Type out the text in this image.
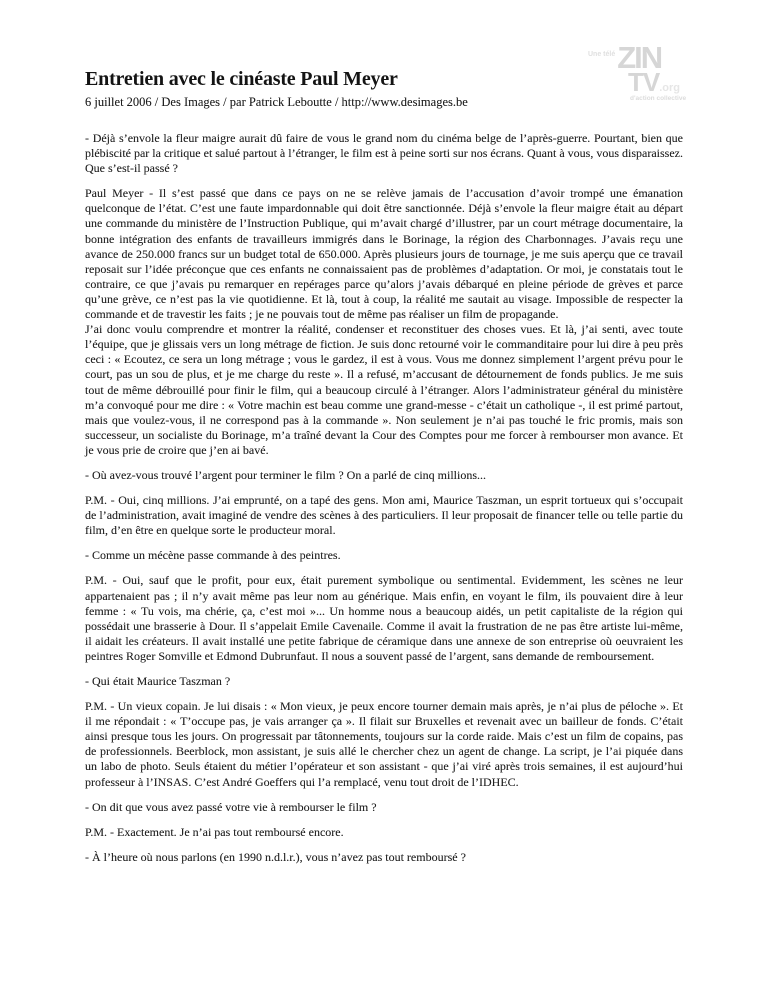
Une télé ZIN
TV .org
d'action collective
Entretien avec le cinéaste Paul Meyer

6 juillet 2006 / Des Images / par Patrick Leboutte / http://www.desimages.be

- Déjà s’envole la fleur maigre aurait dû faire de vous le grand nom du cinéma belge de l’après-guerre. Pourtant, bien que plébiscité par la critique et salué partout à l’étranger, le film est à peine sorti sur nos écrans. Quant à vous, vous disparaissez. Que s’est-il passé ?

Paul Meyer - Il s’est passé que dans ce pays on ne se relève jamais de l’accusation d’avoir trompé une émanation quelconque de l’état. C’est une faute impardonnable qui doit être sanctionnée. Déjà s’envole la fleur maigre était au départ une commande du ministère de l’Instruction Publique, qui m’avait chargé d’illustrer, par un court métrage documentaire, la bonne intégration des enfants de travailleurs immigrés dans le Borinage, la région des Charbonnages. J’avais reçu une avance de 250.000 francs sur un budget total de 650.000. Après plusieurs jours de tournage, je me suis aperçu que ce travail reposait sur l’idée préconçue que ces enfants ne connaissaient pas de problèmes d’adaptation. Or moi, je constatais tout le contraire, ce que j’avais pu remarquer en repérages parce qu’alors j’avais débarqué en pleine période de grèves et parce qu’une grève, ce n’est pas la vie quotidienne. Et là, tout à coup, la réalité me sautait au visage. Impossible de respecter la commande et de travestir les faits ; je ne pouvais tout de même pas réaliser un film de propagande.

J’ai donc voulu comprendre et montrer la réalité, condenser et reconstituer des choses vues. Et là, j’ai senti, avec toute l’équipe, que je glissais vers un long métrage de fiction. Je suis donc retourné voir le commanditaire pour lui dire à peu près ceci : « Ecoutez, ce sera un long métrage ; vous le gardez, il est à vous. Vous me donnez simplement l’argent prévu pour le court, pas un sou de plus, et je me charge du reste ». Il a refusé, m’accusant de détournement de fonds publics. Je me suis tout de même débrouillé pour finir le film, qui a beaucoup circulé à l’étranger. Alors l’administrateur général du ministère m’a convoqué pour me dire : « Votre machin est beau comme une grand-messe - c’était un catholique -, il est primé partout, mais que voulez-vous, il ne correspond pas à la commande ». Non seulement je n’ai pas touché le fric promis, mais son successeur, un socialiste du Borinage, m’a traîné devant la Cour des Comptes pour me forcer à rembourser mon avance. Et je vous prie de croire que j’en ai bavé.

- Où avez-vous trouvé l’argent pour terminer le film ? On a parlé de cinq millions...

P.M. - Oui, cinq millions. J’ai emprunté, on a tapé des gens. Mon ami, Maurice Taszman, un esprit tortueux qui s’occupait de l’administration, avait imaginé de vendre des scènes à des particuliers. Il leur proposait de financer telle ou telle partie du film, d’en être en quelque sorte le producteur moral.

- Comme un mécène passe commande à des peintres.

P.M. - Oui, sauf que le profit, pour eux, était purement symbolique ou sentimental. Evidemment, les scènes ne leur appartenaient pas ; il n’y avait même pas leur nom au générique. Mais enfin, en voyant le film, ils pouvaient dire à leur femme : « Tu vois, ma chérie, ça, c’est moi »... Un homme nous a beaucoup aidés, un petit capitaliste de la région qui possédait une brasserie à Dour. Il s’appelait Emile Cavenaile. Comme il avait la frustration de ne pas être artiste lui-même, il aidait les créateurs. Il avait installé une petite fabrique de céramique dans une annexe de son entreprise où oeuvraient les peintres Roger Somville et Edmond Dubrunfaut. Il nous a souvent passé de l’argent, sans demande de remboursement.

- Qui était Maurice Taszman ?

P.M. - Un vieux copain. Je lui disais : « Mon vieux, je peux encore tourner demain mais après, je n’ai plus de péloche ». Et il me répondait : « T’occupe pas, je vais arranger ça ». Il filait sur Bruxelles et revenait avec un bailleur de fonds. C’était ainsi presque tous les jours. On progressait par tâtonnements, toujours sur la corde raide. Mais c’est un film de copains, pas de professionnels. Beerblock, mon assistant, je suis allé le chercher chez un agent de change. La script, je l’ai piquée dans un labo de photo. Seuls étaient du métier l’opérateur et son assistant - que j’ai viré après trois semaines, il est aujourd’hui professeur à l’INSAS. C’est André Goeffers qui l’a remplacé, venu tout droit de l’IDHEC.

- On dit que vous avez passé votre vie à rembourser le film ?

P.M. - Exactement. Je n’ai pas tout remboursé encore.

- À l’heure où nous parlons (en 1990 n.d.l.r.), vous n’avez pas tout remboursé ?
